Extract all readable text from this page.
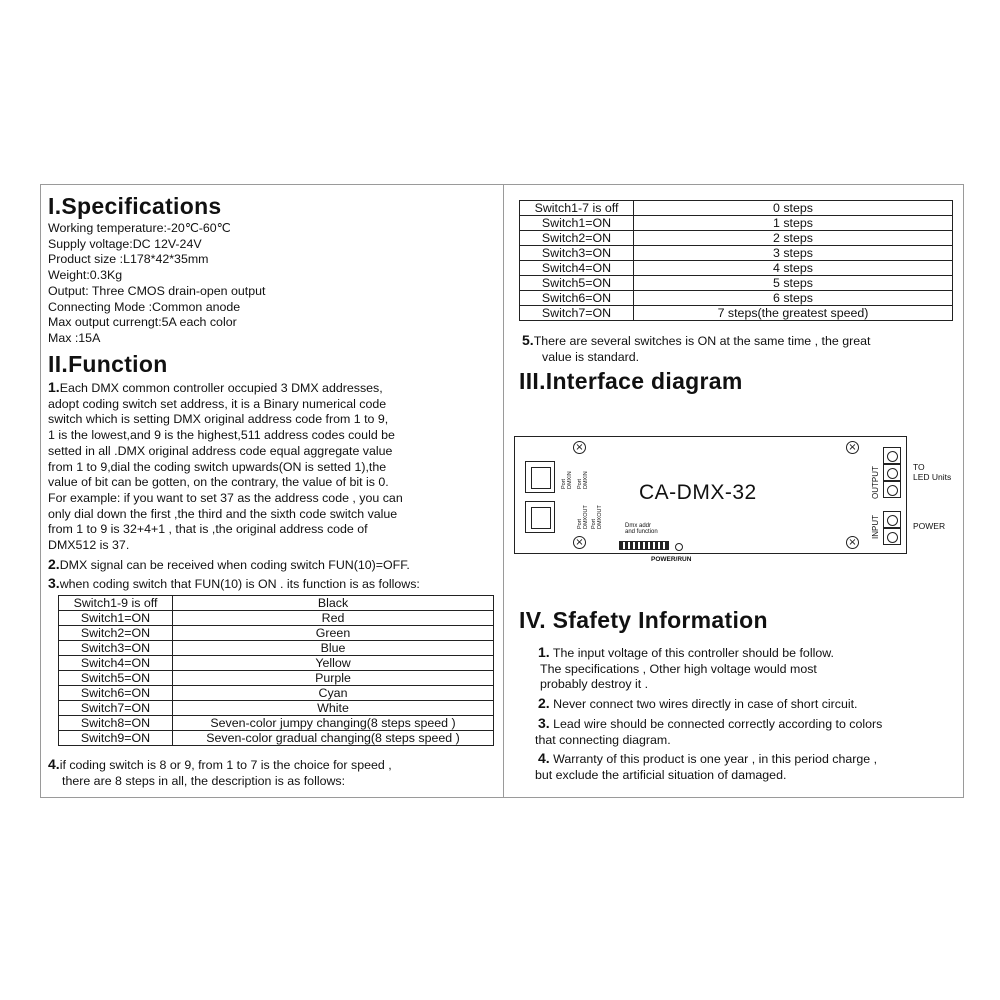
I.Specifications
Working temperature:-20℃-60℃
Supply voltage:DC 12V-24V
Product size :L178*42*35mm
Weight:0.3Kg
Output: Three CMOS drain-open output
Connecting Mode :Common anode
Max output currengt:5A each color
Max :15A
II.Function
1.Each DMX common controller occupied 3 DMX addresses,
adopt coding switch set address, it is a Binary numerical code
switch which is setting DMX original address code from 1 to 9,
1 is the lowest,and 9 is the highest,511 address codes could be
setted in all .DMX original address code equal aggregate value
from 1 to 9,dial the coding switch upwards(ON is setted 1),the
value of bit can be gotten, on the contrary, the value of bit is 0.
For example: if you want to set 37 as the address code , you can
only dial down the first ,the third and the sixth code switch value
from 1 to 9 is 32+4+1 , that is ,the original address code of
DMX512 is 37.
2.DMX signal can be received when coding switch FUN(10)=OFF.
3.when coding switch that FUN(10) is ON . its function is as follows:
Switch1-9 is off	Black
Switch1=ON	Red
Switch2=ON	Green
Switch3=ON	Blue
Switch4=ON	Yellow
Switch5=ON	Purple
Switch6=ON	Cyan
Switch7=ON	White
Switch8=ON	Seven-color jumpy changing(8 steps speed )
Switch9=ON	Seven-color gradual changing(8 steps speed )
4.if coding switch is 8 or 9, from 1 to 7 is the choice for speed ,
there are 8 steps in all, the description is as follows:
Switch1-7 is off	0 steps
Switch1=ON	1 steps
Switch2=ON	2 steps
Switch3=ON	3 steps
Switch4=ON	4 steps
Switch5=ON	5 steps
Switch6=ON	6 steps
Switch7=ON	7 steps(the greatest speed)
5.There are several switches is ON at the same time , the great
value is standard.
III.Interface diagram
×	×
×	×
Port DMXIN Port DMXIN
Port DMXOUT Port DMXOUT
CA-DMX-32
Dmx addr
and function
OUTPUT
INPUT
TO
LED Units
POWER
POWER/RUN
IV. Sfafety Information
1. The input voltage of this controller should be follow.
The specifications , Other high voltage would most
probably destroy it .
2. Never connect two wires directly in case of short circuit.
3. Lead wire should be connected correctly according to colors
that connecting diagram.
4. Warranty of this product is one year , in this period charge ,
but exclude the artificial situation of damaged.
